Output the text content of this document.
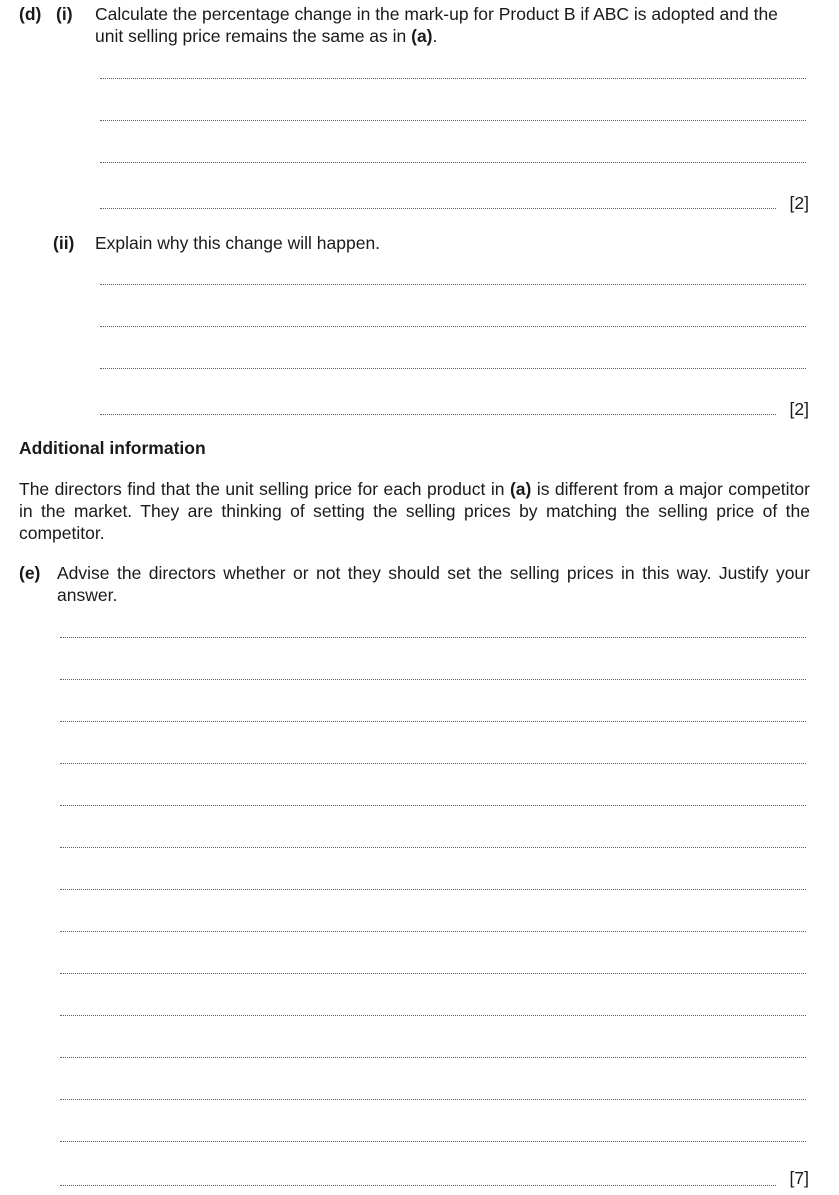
(d) (i) Calculate the percentage change in the mark-up for Product B if ABC is adopted and the
unit selling price remains the same as in (a).
[2]
(ii) Explain why this change will happen.
[2]
Additional information
The directors find that the unit selling price for each product in (a) is different from a major competitor in the market. They are thinking of setting the selling prices by matching the selling price of the competitor.
(e) Advise the directors whether or not they should set the selling prices in this way. Justify your answer.
[7]
